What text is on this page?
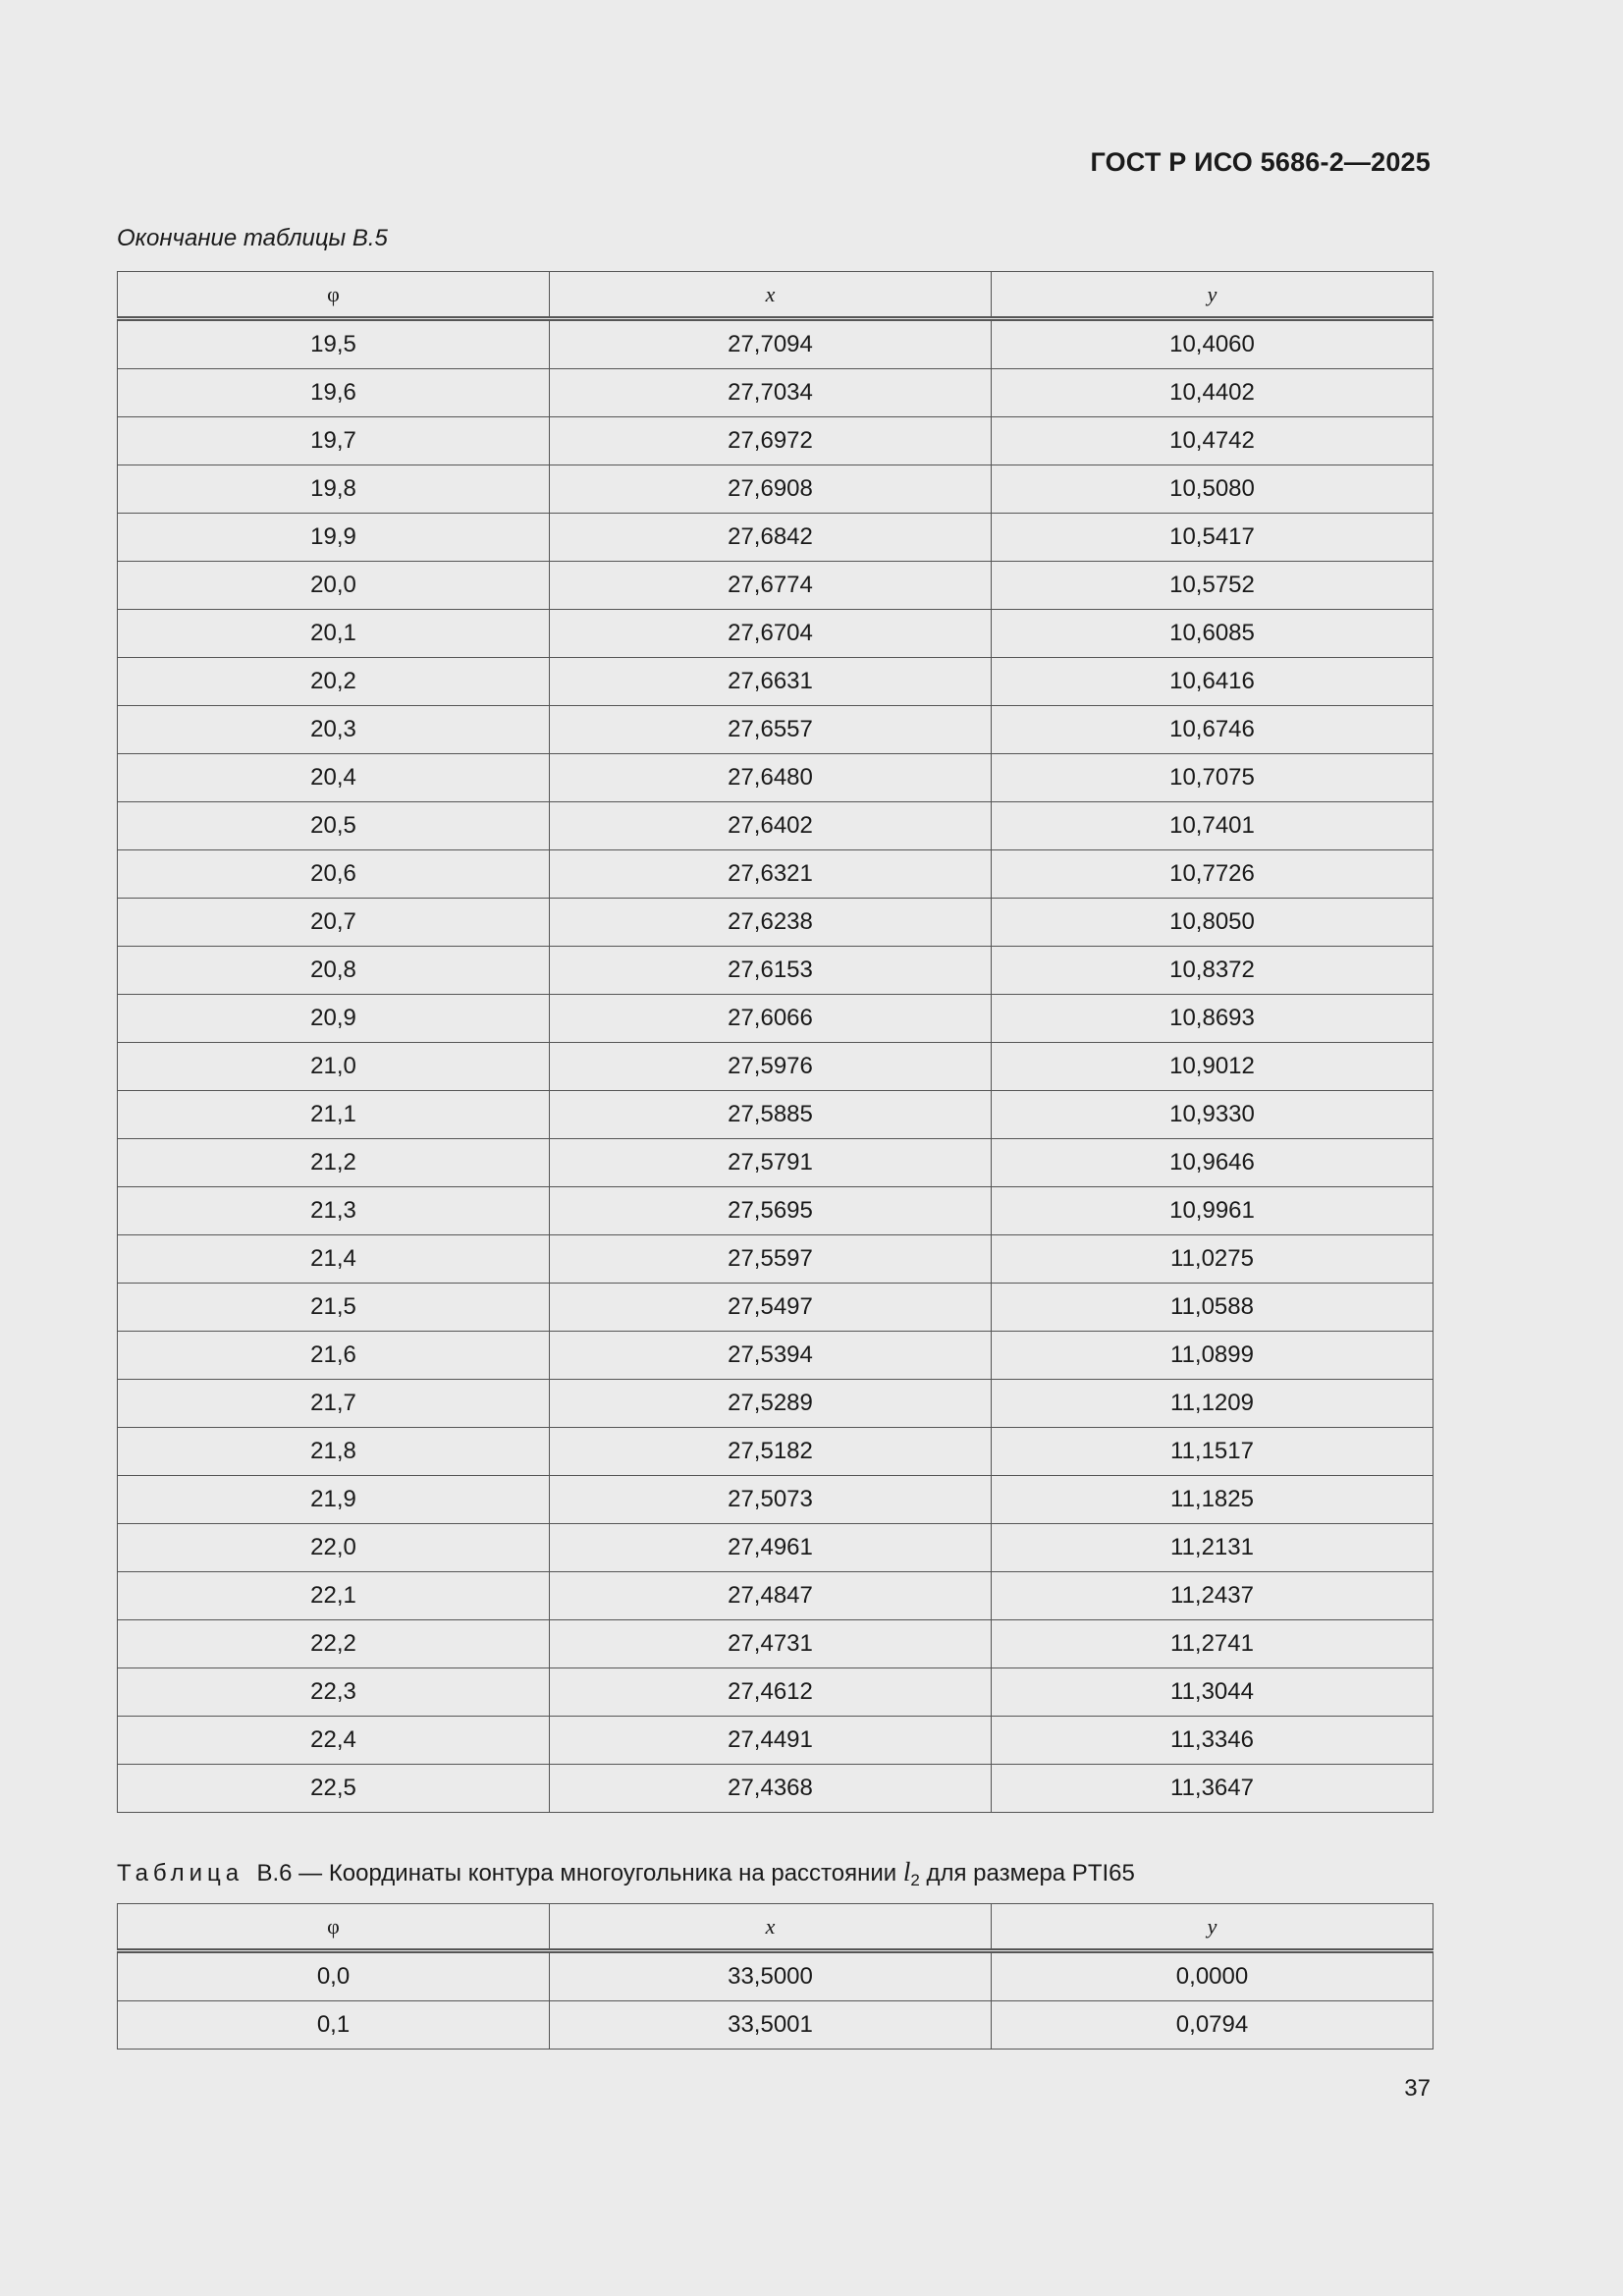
ГОСТ Р ИСО 5686-2—2025
Окончание таблицы В.5
φ	x	y
19,5	27,7094	10,4060
19,6	27,7034	10,4402
19,7	27,6972	10,4742
19,8	27,6908	10,5080
19,9	27,6842	10,5417
20,0	27,6774	10,5752
20,1	27,6704	10,6085
20,2	27,6631	10,6416
20,3	27,6557	10,6746
20,4	27,6480	10,7075
20,5	27,6402	10,7401
20,6	27,6321	10,7726
20,7	27,6238	10,8050
20,8	27,6153	10,8372
20,9	27,6066	10,8693
21,0	27,5976	10,9012
21,1	27,5885	10,9330
21,2	27,5791	10,9646
21,3	27,5695	10,9961
21,4	27,5597	11,0275
21,5	27,5497	11,0588
21,6	27,5394	11,0899
21,7	27,5289	11,1209
21,8	27,5182	11,1517
21,9	27,5073	11,1825
22,0	27,4961	11,2131
22,1	27,4847	11,2437
22,2	27,4731	11,2741
22,3	27,4612	11,3044
22,4	27,4491	11,3346
22,5	27,4368	11,3647
Таблица В.6 — Координаты контура многоугольника на расстоянии $l_2$ для размера PTI65
φ	x	y
0,0	33,5000	0,0000
0,1	33,5001	0,0794
37
